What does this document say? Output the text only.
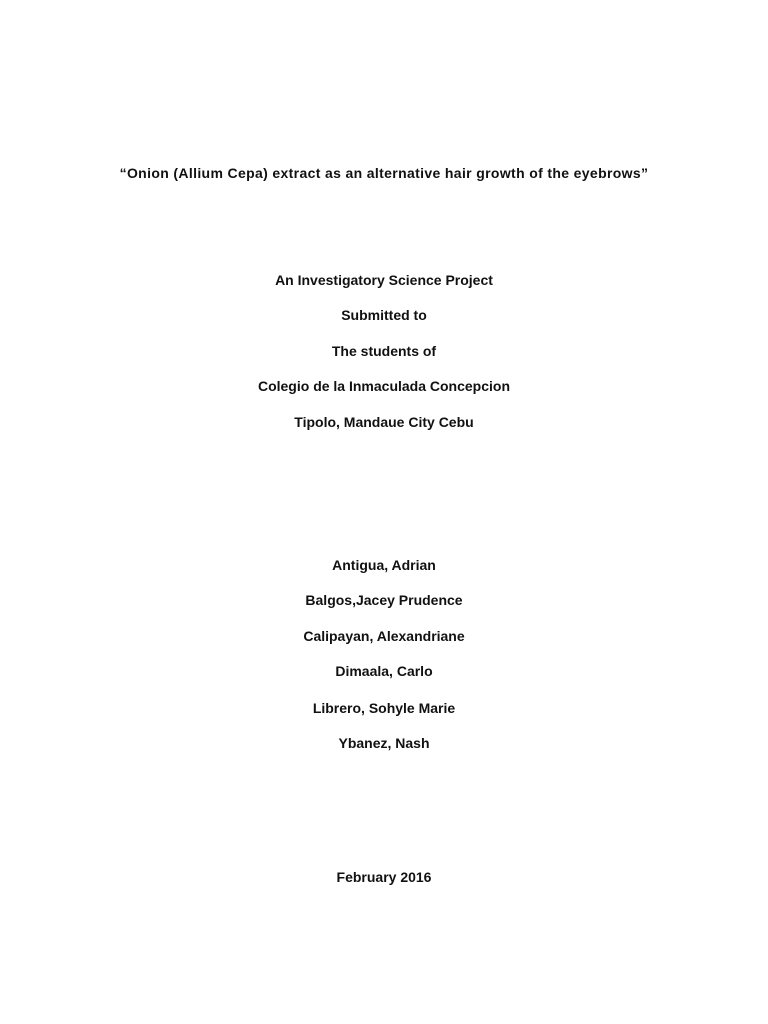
“Onion (Allium Cepa) extract as an alternative hair growth of the eyebrows”
An Investigatory Science Project
Submitted to
The students of
Colegio de la Inmaculada Concepcion
Tipolo, Mandaue City Cebu
Antigua, Adrian
Balgos,Jacey Prudence
Calipayan, Alexandriane
Dimaala, Carlo
Librero, Sohyle Marie
Ybanez, Nash
February 2016
